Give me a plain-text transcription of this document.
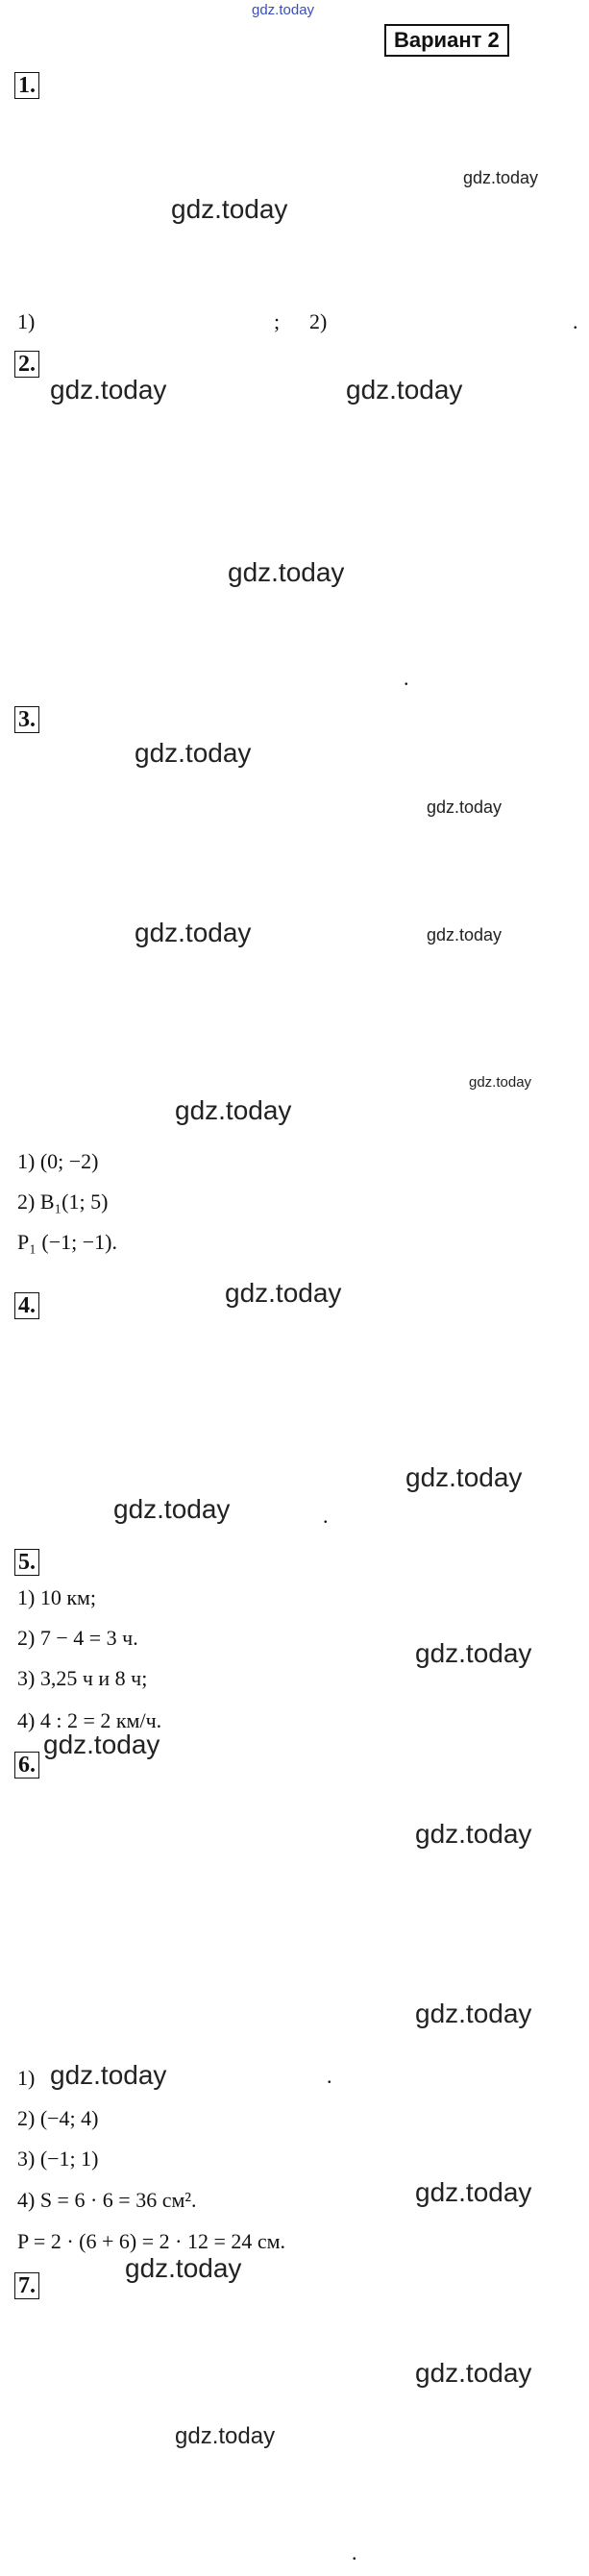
gdz.today
Вариант 2
1.
C
K
b
K
m
b
gdz.today
gdz.today
1)	; 2)	.
2.
gdz.today	gdz.today
C
E1	A1
E
A
C1
gdz.today
.
3.
y
B1
5
P
P1
-2
x
-5	B
gdz.today
gdz.today
gdz.today	gdz.today
gdz.today
gdz.today
1) (0; −2)
2) B₁(1; 5)
P₁ (−1; −1).
4.	gdz.today
M
K	A	E
gdz.today
gdz.today
.
5.
1) 10 км;
2) 7 − 4 = 3 ч.
3) 3,25 ч и 8 ч;
4) 4 : 2 = 2 км/ч.
gdz.today
6.
gdz.today
gdz.today
y
B	C
4
1
-4	1 0	2	x
A	-2	D
gdz.today
1) gdz.today	.
2) (−4; 4)
3) (−1; 1)
4) S = 6 · 6 = 36 см².
P = 2 · (6 + 6) = 2 · 12 = 24 см.
gdz.today
7.
gdz.today
y
4
1
0	1
x
gdz.today
gdz.today
.
